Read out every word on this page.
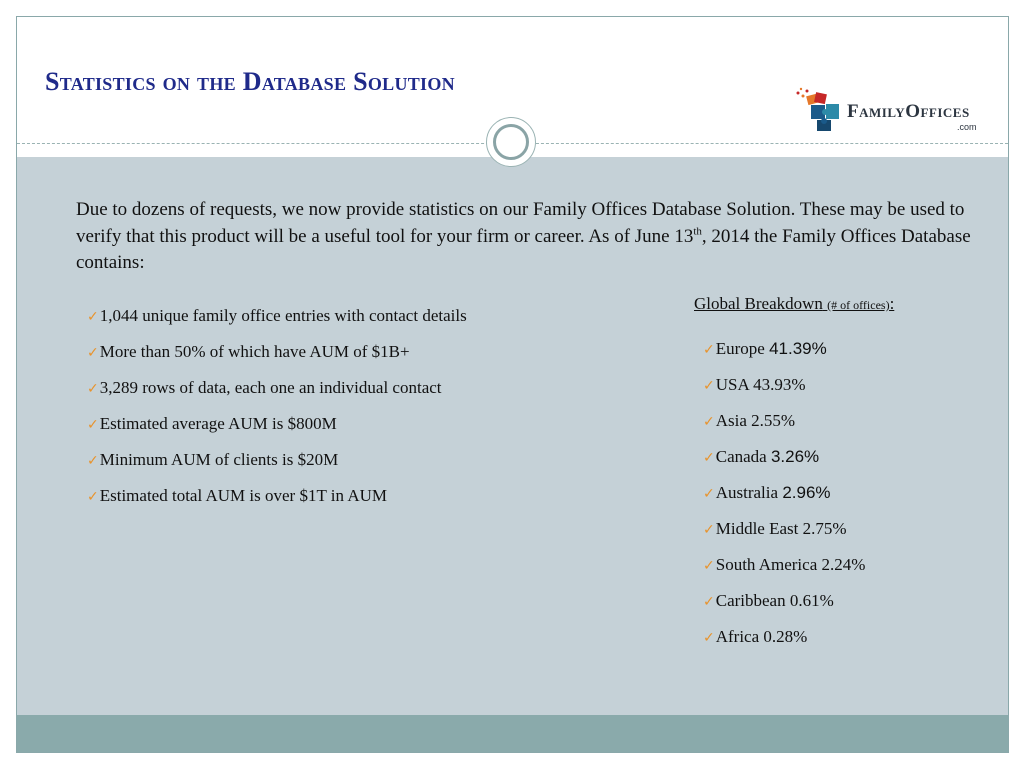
Statistics on the Database Solution
FamilyOffices
.com

Due to dozens of requests, we now provide statistics on our Family Offices Database Solution. These may be used to verify that this product will be a useful tool for your firm or career. As of June 13th, 2014 the Family Offices Database contains:

✓1,044 unique family office entries with contact details
✓More than 50% of which have AUM of $1B+
✓3,289 rows of data, each one an individual contact
✓Estimated average AUM is $800M
✓Minimum AUM of clients is $20M
✓Estimated total AUM is over $1T in AUM
Global Breakdown (# of offices):
✓Europe 41.39%
✓USA 43.93%
✓Asia 2.55%
✓Canada 3.26%
✓Australia 2.96%
✓Middle East 2.75%
✓South America 2.24%
✓Caribbean 0.61%
✓Africa 0.28%
